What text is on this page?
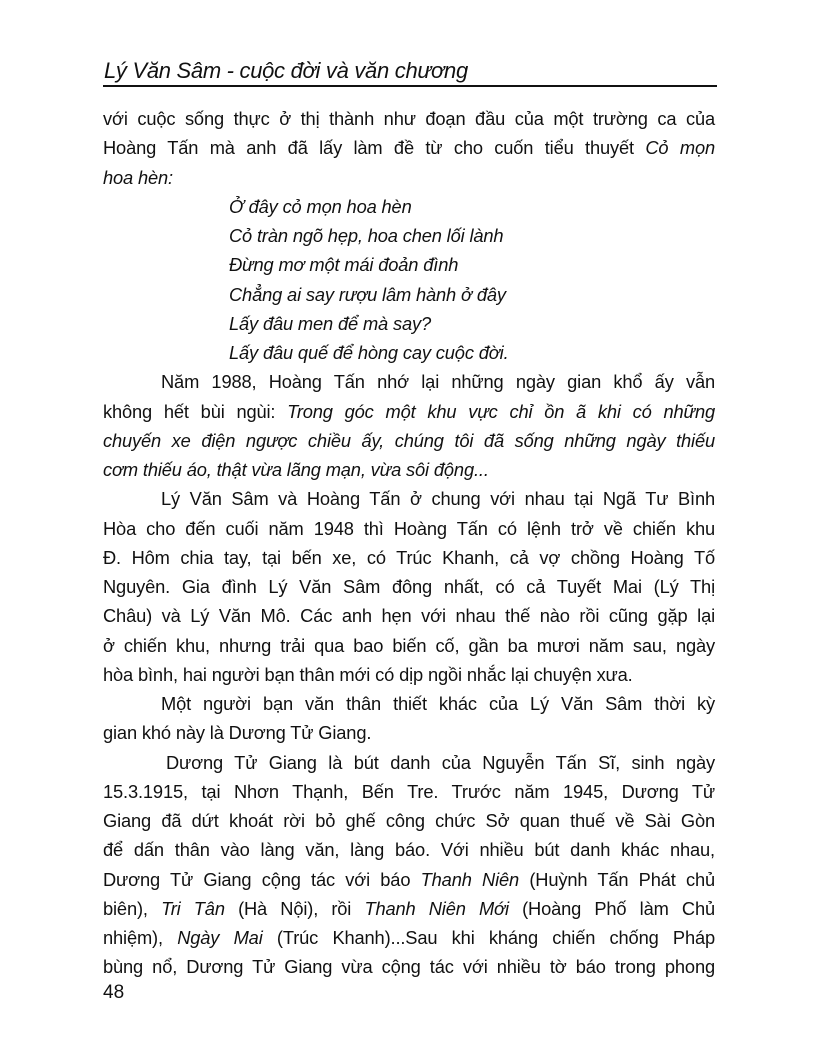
Lý Văn Sâm - cuộc đời và văn chương
với cuộc sống thực ở thị thành như đoạn đầu của một trường ca của
Hoàng Tấn mà anh đã lấy làm đề từ cho cuốn tiểu thuyết Cỏ mọn
hoa hèn:
Ở đây cỏ mọn hoa hèn
Cỏ tràn ngõ hẹp, hoa chen lối lành
Đừng mơ một mái đoản đình
Chẳng ai say rượu lâm hành ở đây
Lấy đâu men để mà say?
Lấy đâu quế để hòng cay cuộc đời.
Năm 1988, Hoàng Tấn nhớ lại những ngày gian khổ ấy vẫn
không hết bùi ngùi: Trong góc một khu vực chỉ ồn ã khi có những
chuyến xe điện ngược chiều ấy, chúng tôi đã sống những ngày thiếu
cơm thiếu áo, thật vừa lãng mạn, vừa sôi động...
Lý Văn Sâm và Hoàng Tấn ở chung với nhau tại Ngã Tư Bình
Hòa cho đến cuối năm 1948 thì Hoàng Tấn có lệnh trở về chiến khu
Đ. Hôm chia tay, tại bến xe, có Trúc Khanh, cả vợ chồng Hoàng Tố
Nguyên. Gia đình Lý Văn Sâm đông nhất, có cả Tuyết Mai (Lý Thị
Châu) và Lý Văn Mô. Các anh hẹn với nhau thế nào rồi cũng gặp lại
ở chiến khu, nhưng trải qua bao biến cố, gần ba mươi năm sau, ngày
hòa bình, hai người bạn thân mới có dịp ngồi nhắc lại chuyện xưa.
Một người bạn văn thân thiết khác của Lý Văn Sâm thời kỳ
gian khó này là Dương Tử Giang.
Dương Tử Giang là bút danh của Nguyễn Tấn Sĩ, sinh ngày
15.3.1915, tại Nhơn Thạnh, Bến Tre. Trước năm 1945, Dương Tử
Giang đã dứt khoát rời bỏ ghế công chức Sở quan thuế về Sài Gòn
để dấn thân vào làng văn, làng báo. Với nhiều bút danh khác nhau,
Dương Tử Giang cộng tác với báo Thanh Niên (Huỳnh Tấn Phát chủ
biên), Tri Tân (Hà Nội), rồi Thanh Niên Mới (Hoàng Phố làm Chủ
nhiệm), Ngày Mai (Trúc Khanh)...Sau khi kháng chiến chống Pháp
bùng nổ, Dương Tử Giang vừa cộng tác với nhiều tờ báo trong phong
48
